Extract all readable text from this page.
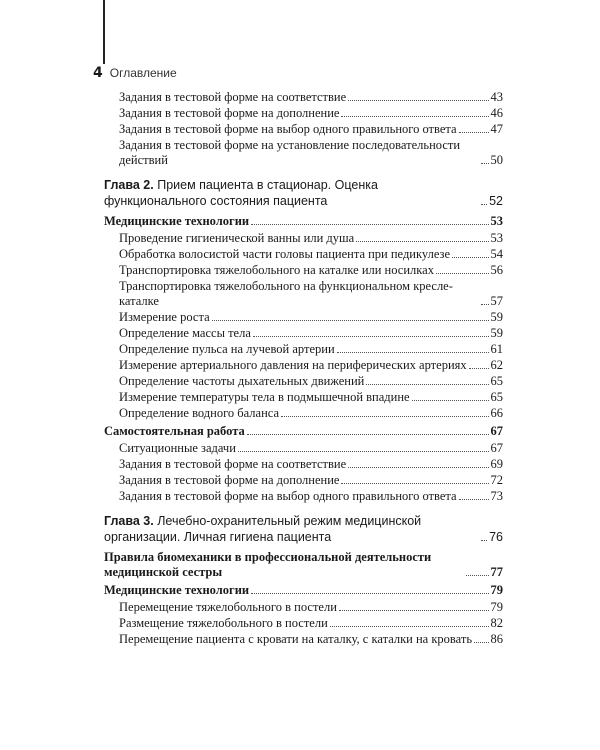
4 Оглавление
Задания в тестовой форме на соответствие	43
Задания в тестовой форме на дополнение	46
Задания в тестовой форме на выбор одного правильного ответа	47
Задания в тестовой форме на установление последовательности действий	50
Глава 2. Прием пациента в стационар. Оценка функционального состояния пациента	52
Медицинские технологии	53
Проведение гигиенической ванны или душа	53
Обработка волосистой части головы пациента при педикулезе	54
Транспортировка тяжелобольного на каталке или носилках	56
Транспортировка тяжелобольного на функциональном кресле-каталке	57
Измерение роста	59
Определение массы тела	59
Определение пульса на лучевой артерии	61
Измерение артериального давления на периферических артериях 62
Определение частоты дыхательных движений	65
Измерение температуры тела в подмышечной впадине	65
Определение водного баланса	66
Самостоятельная работа	67
Ситуационные задачи	67
Задания в тестовой форме на соответствие	69
Задания в тестовой форме на дополнение	72
Задания в тестовой форме на выбор одного правильного ответа	73
Глава 3. Лечебно-охранительный режим медицинской организации. Личная гигиена пациента	76
Правила биомеханики в профессиональной деятельности медицинской сестры	77
Медицинские технологии	79
Перемещение тяжелобольного в постели	79
Размещение тяжелобольного в постели	82
Перемещение пациента с кровати на каталку, с каталки на кровать 86
